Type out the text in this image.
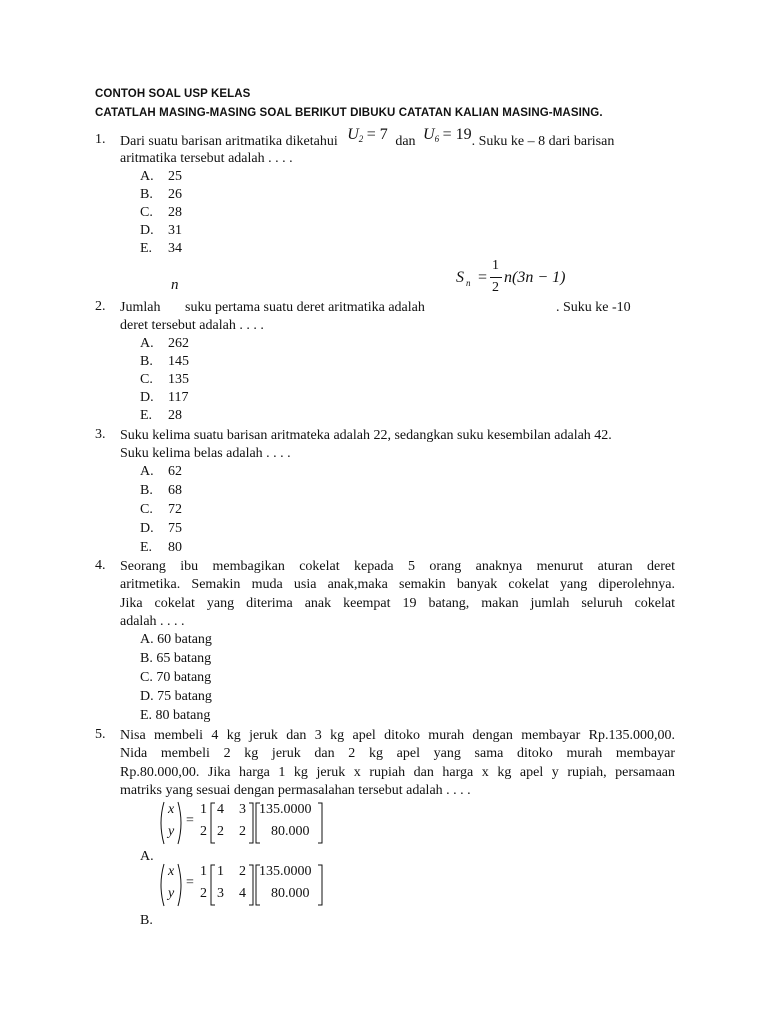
CONTOH SOAL USP KELAS
CATATLAH MASING-MASING SOAL BERIKUT DIBUKU CATATAN KALIAN MASING-MASING.
1. Dari suatu barisan aritmatika diketahui $U_2 = 7$ dan $U_6 = 19$. Suku ke – 8 dari barisan
aritmatika tersebut adalah . . . .
A. 25
B. 26
C. 28
D. 31
E. 34
n	S n =
1
2
n(3n − 1)
2. Jumlah suku pertama suatu deret aritmatika adalah	. Suku ke -10
deret tersebut adalah . . . .
A. 262
B. 145
C. 135
D. 117
E. 28
3. Suku kelima suatu barisan aritmateka adalah 22, sedangkan suku kesembilan adalah 42.
Suku kelima belas adalah . . . .
A. 62
B. 68
C. 72
D. 75
E. 80
4. Seorang ibu membagikan cokelat kepada 5 orang anaknya menurut aturan deret
aritmetika. Semakin muda usia anak,maka semakin banyak cokelat yang diperolehnya.
Jika cokelat yang diterima anak keempat 19 batang, makan jumlah seluruh cokelat
adalah . . . .
A. 60 batang
B. 65 batang
C. 70 batang
D. 75 batang
E. 80 batang
5. Nisa membeli 4 kg jeruk dan 3 kg apel ditoko murah dengan membayar Rp.135.000,00.
Nida membeli 2 kg jeruk dan 2 kg apel yang sama ditoko murah membayar
Rp.80.000,00. Jika harga 1 kg jeruk x rupiah dan harga x kg apel y rupiah, persamaan
matriks yang sesuai dengan permasalahan tersebut adalah . . . .
x
y
=
1
2
4 3
2 2
135.0000
80.000
A.
x
y
=
1
2
1 2
3 4
135.0000
80.000
B.
